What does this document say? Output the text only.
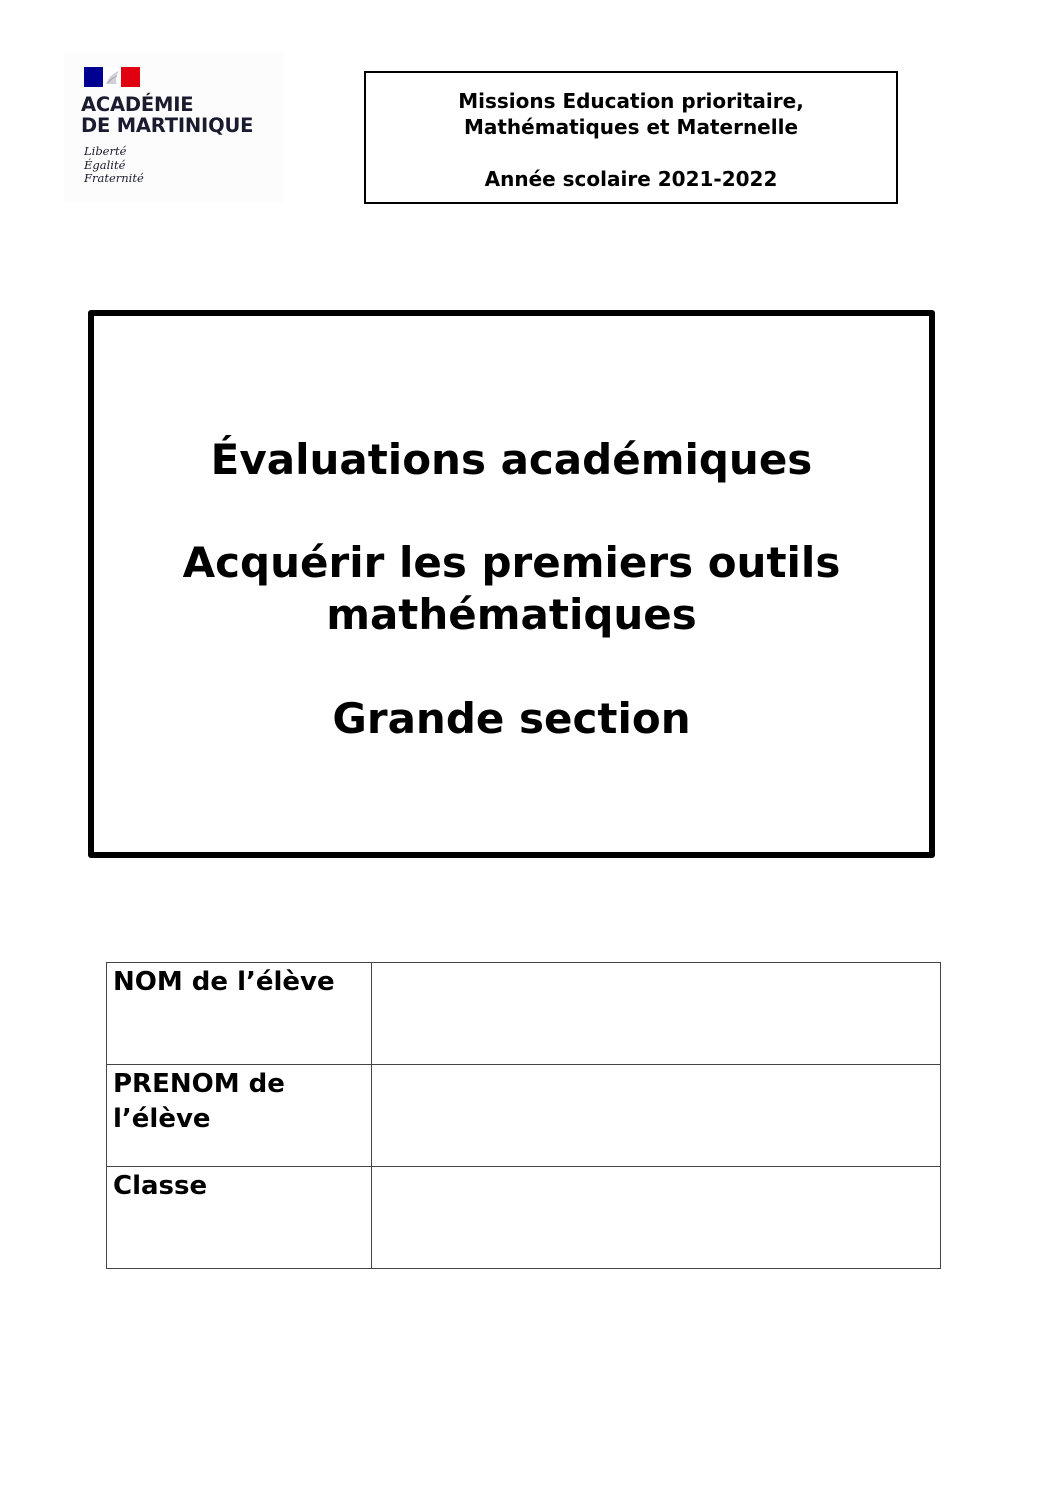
ACADÉMIE
DE MARTINIQUE
Liberté
Égalité
Fraternité
Missions Education prioritaire,
Mathématiques et Maternelle
Année scolaire 2021-2022
Évaluations académiques
Acquérir les premiers outils
mathématiques
Grande section
NOM de l’élève	
PRENOM de l’élève	
Classe	
